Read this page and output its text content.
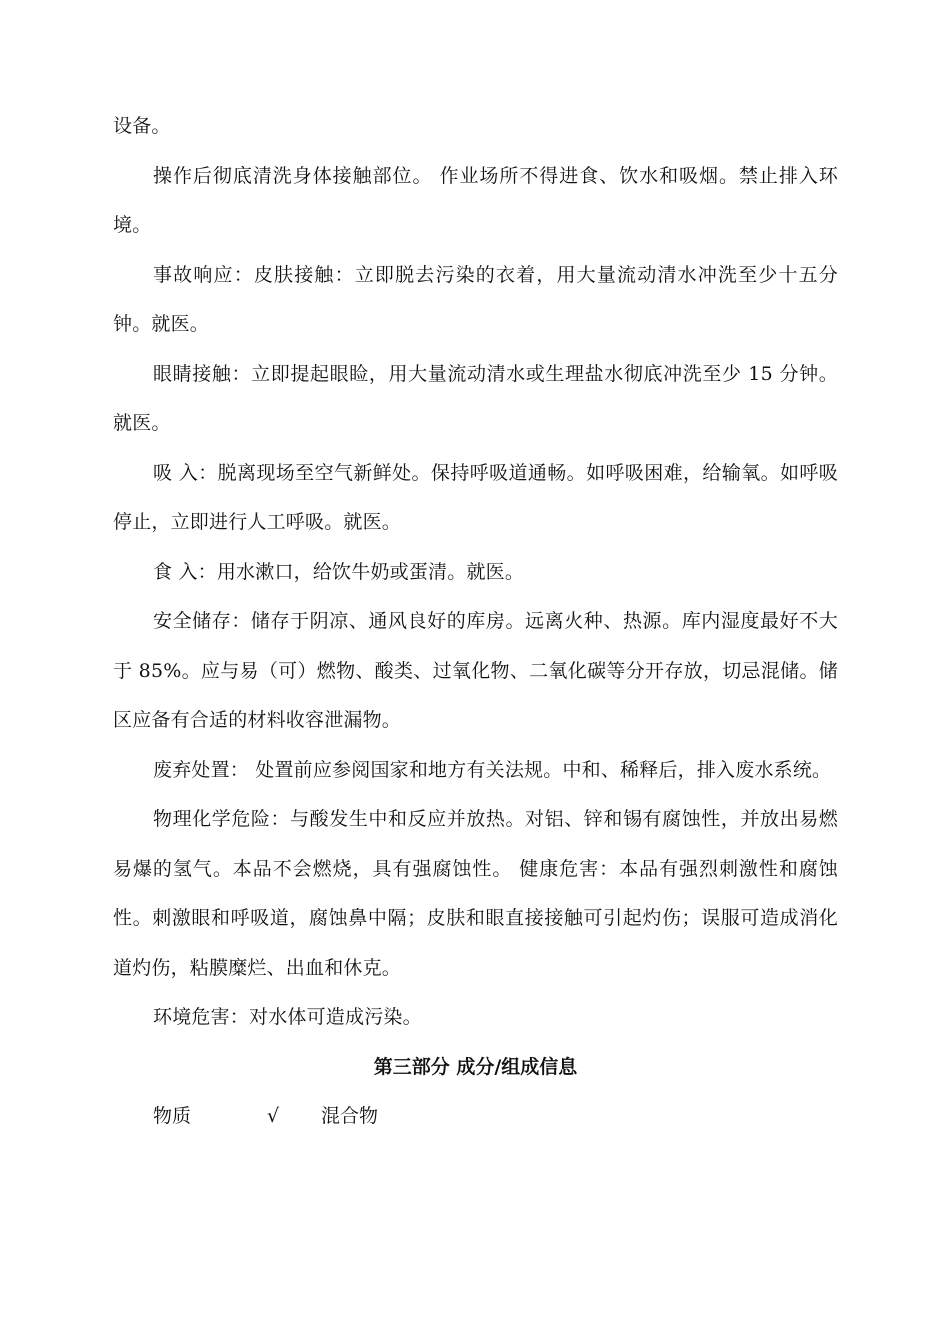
设备。

操作后彻底清洗身体接触部位。 作业场所不得进食、饮水和吸烟。禁止排入环境。

事故响应：皮肤接触：立即脱去污染的衣着，用大量流动清水冲洗至少十五分钟。就医。

眼睛接触：立即提起眼睑，用大量流动清水或生理盐水彻底冲洗至少 15 分钟。就医。

吸 入：脱离现场至空气新鲜处。保持呼吸道通畅。如呼吸困难，给输氧。如呼吸停止，立即进行人工呼吸。就医。

食 入：用水漱口，给饮牛奶或蛋清。就医。

安全储存：储存于阴凉、通风良好的库房。远离火种、热源。库内湿度最好不大于 85%。应与易（可）燃物、酸类、过氧化物、二氧化碳等分开存放，切忌混储。储区应备有合适的材料收容泄漏物。

废弃处置： 处置前应参阅国家和地方有关法规。中和、稀释后，排入废水系统。

物理化学危险：与酸发生中和反应并放热。对铝、锌和锡有腐蚀性，并放出易燃易爆的氢气。本品不会燃烧，具有强腐蚀性。 健康危害：本品有强烈刺激性和腐蚀性。刺激眼和呼吸道，腐蚀鼻中隔；皮肤和眼直接接触可引起灼伤；误服可造成消化道灼伤，粘膜糜烂、出血和休克。

环境危害：对水体可造成污染。

第三部分 成分/组成信息
物质	√ 混合物
